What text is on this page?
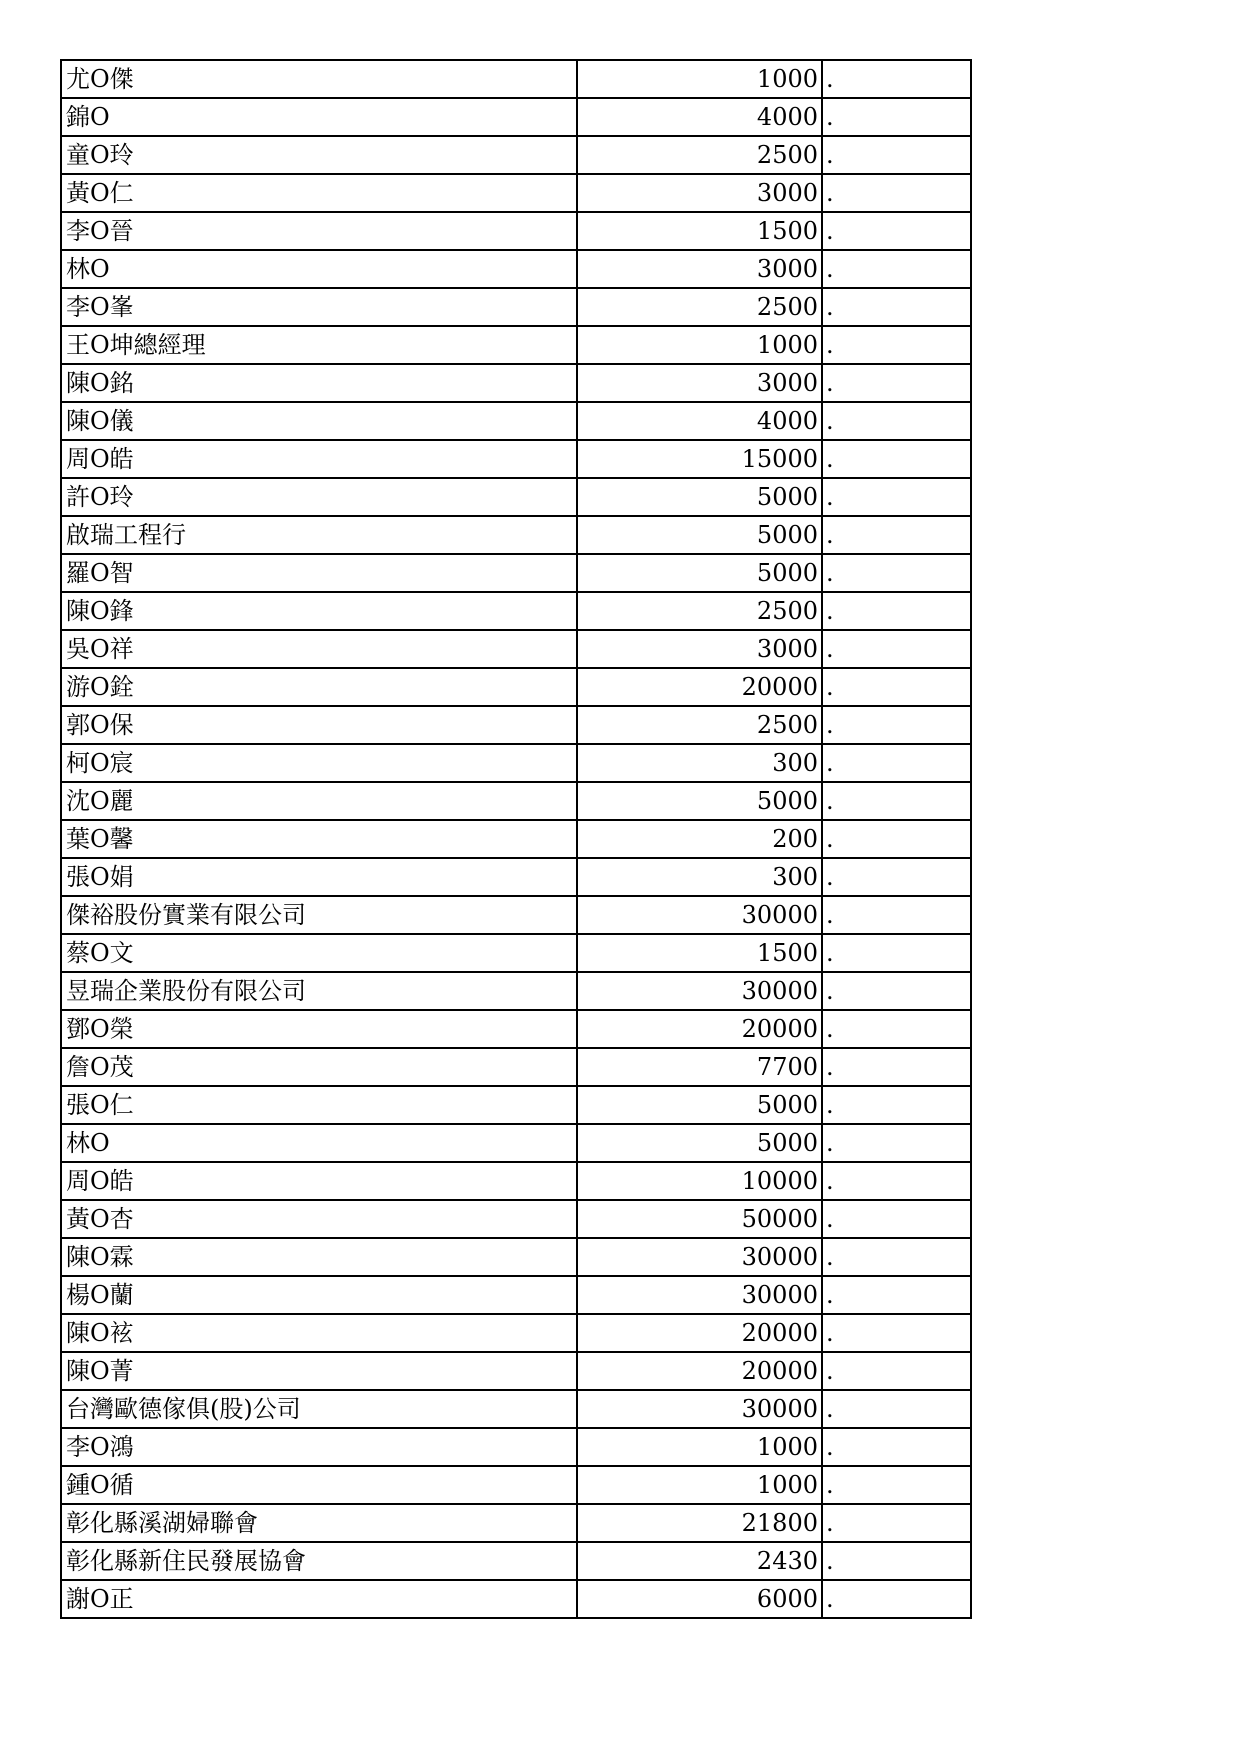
尤O傑	1000	.
錦O	4000	.
童O玲	2500	.
黃O仁	3000	.
李O晉	1500	.
林O	3000	.
李O峯	2500	.
王O坤總經理	1000	.
陳O銘	3000	.
陳O儀	4000	.
周O皓	15000	.
許O玲	5000	.
啟瑞工程行	5000	.
羅O智	5000	.
陳O鋒	2500	.
吳O祥	3000	.
游O銓	20000	.
郭O保	2500	.
柯O宸	300	.
沈O麗	5000	.
葉O馨	200	.
張O娟	300	.
傑裕股份實業有限公司	30000	.
蔡O文	1500	.
昱瑞企業股份有限公司	30000	.
鄧O榮	20000	.
詹O茂	7700	.
張O仁	5000	.
林O	5000	.
周O皓	10000	.
黃O杏	50000	.
陳O霖	30000	.
楊O蘭	30000	.
陳O袨	20000	.
陳O菁	20000	.
台灣歐德傢俱(股)公司	30000	.
李O鴻	1000	.
鍾O循	1000	.
彰化縣溪湖婦聯會	21800	.
彰化縣新住民發展協會	2430	.
謝O正	6000	.
